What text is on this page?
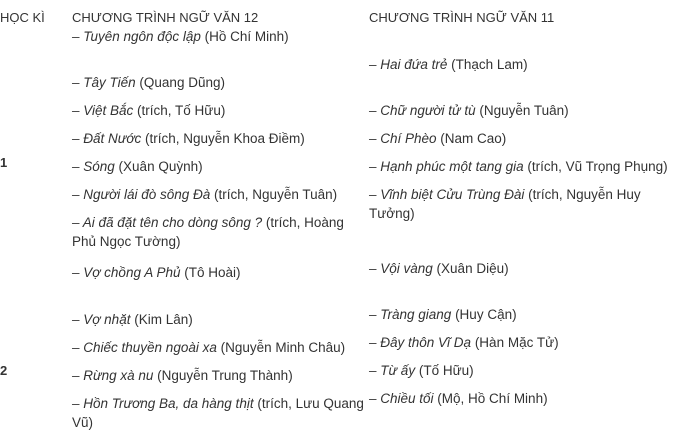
HỌC KÌ CHƯƠNG TRÌNH NGỮ VĂN 12	CHƯƠNG TRÌNH NGỮ VĂN 11
1
2
– Tuyên ngôn độc lập (Hồ Chí Minh)
– Tây Tiến (Quang Dũng)
– Việt Bắc (trích, Tố Hữu)
– Đất Nước (trích, Nguyễn Khoa Điềm)
– Sóng (Xuân Quỳnh)
– Người lái đò sông Đà (trích, Nguyễn Tuân)
– Ai đã đặt tên cho dòng sông ? (trích, Hoàng Phủ Ngọc Tường)
– Vợ chồng A Phủ (Tô Hoài)
– Vợ nhặt (Kim Lân)
– Chiếc thuyền ngoài xa (Nguyễn Minh Châu)
– Rừng xà nu (Nguyễn Trung Thành)
– Hồn Trương Ba, da hàng thịt (trích, Lưu Quang Vũ)
– Hai đứa trẻ (Thạch Lam)
– Chữ người tử tù (Nguyễn Tuân)
– Chí Phèo (Nam Cao)
– Hạnh phúc một tang gia (trích, Vũ Trọng Phụng)
– Vĩnh biệt Cửu Trùng Đài (trích, Nguyễn Huy Tưởng)
– Vội vàng (Xuân Diệu)
– Tràng giang (Huy Cận)
– Đây thôn Vĩ Dạ (Hàn Mặc Tử)
– Từ ấy (Tố Hữu)
– Chiều tối (Mộ, Hồ Chí Minh)
